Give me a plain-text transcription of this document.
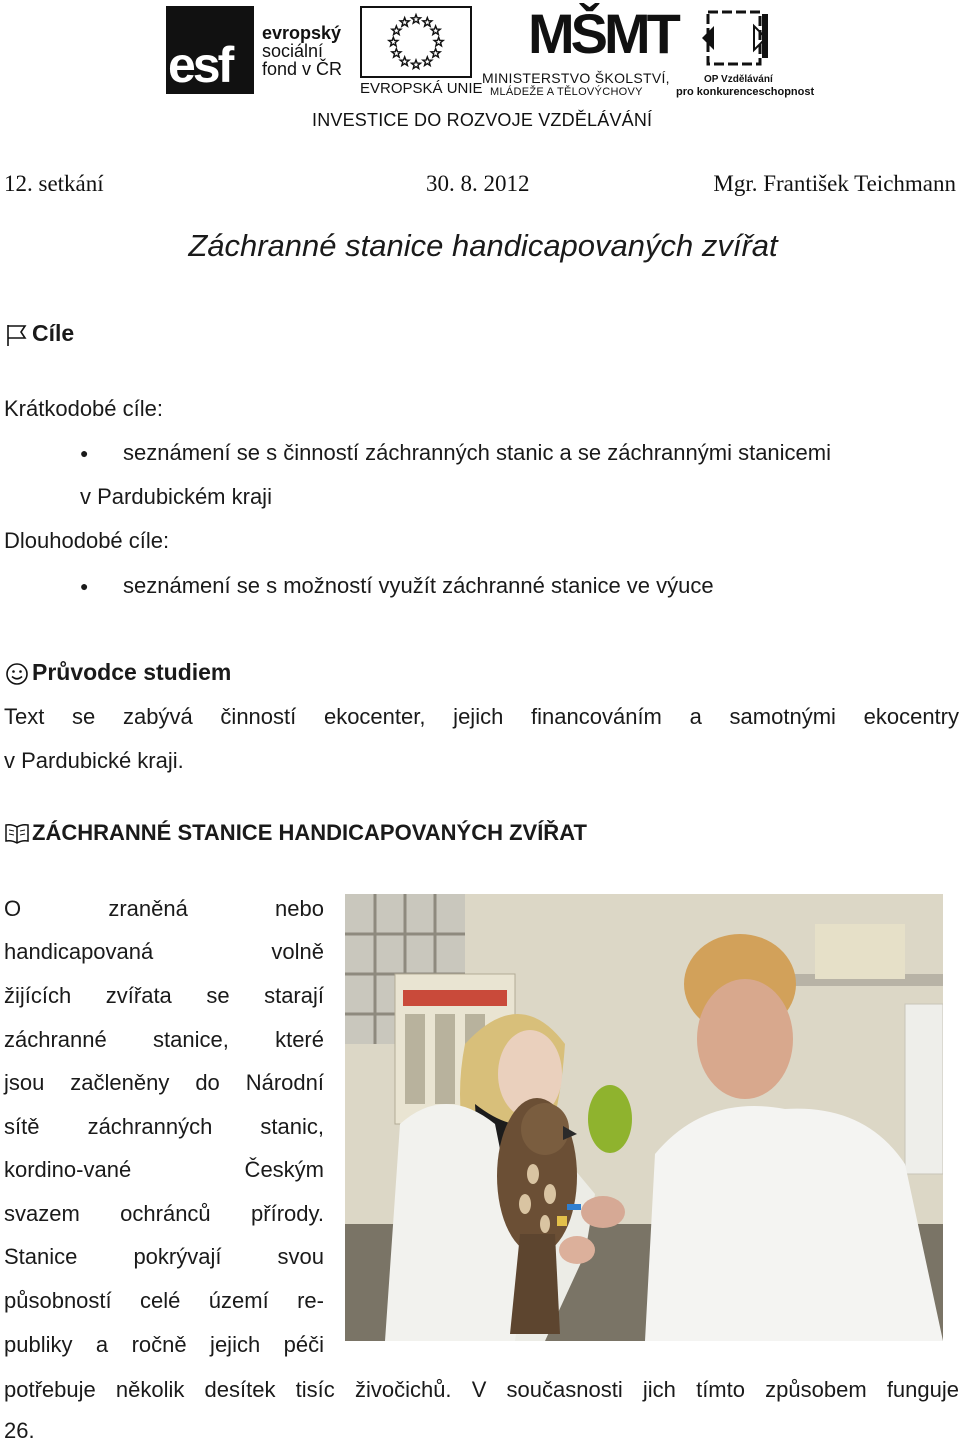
esf
evropský
sociální
fond v ČR
EVROPSKÁ UNIE
MŠMT
MINISTERSTVO ŠKOLSTVÍ,
MLÁDEŽE A TĚLOVÝCHOVY
OP Vzdělávání
pro konkurenceschopnost
INVESTICE DO ROZVOJE VZDĚLÁVÁNÍ
12. setkání	30. 8. 2012	Mgr. František Teichmann
Záchranné stanice handicapovaných zvířat
Cíle
Krátkodobé cíle:
● seznámení se s činností záchranných stanic a se záchrannými stanicemi
v Pardubickém kraji
Dlouhodobé cíle:
● seznámení se s možností využít záchranné stanice ve výuce
Průvodce studiem
Text se zabývá činností ekocenter, jejich financováním a samotnými ekocentry
v Pardubické kraji.
ZÁCHRANNÉ STANICE HANDICAPOVANÝCH ZVÍŘAT
O zraněná nebo
handicapovaná volně
žijících zvířata se starají
záchranné stanice, které
jsou začleněny do Národní
sítě záchranných stanic,
kordino-vané Českým
svazem ochránců přírody.
Stanice pokrývají svou
působností celé území re-
publiky a ročně jejich péči
potřebuje několik desítek tisíc živočichů. V současnosti jich tímto způsobem funguje
26.
